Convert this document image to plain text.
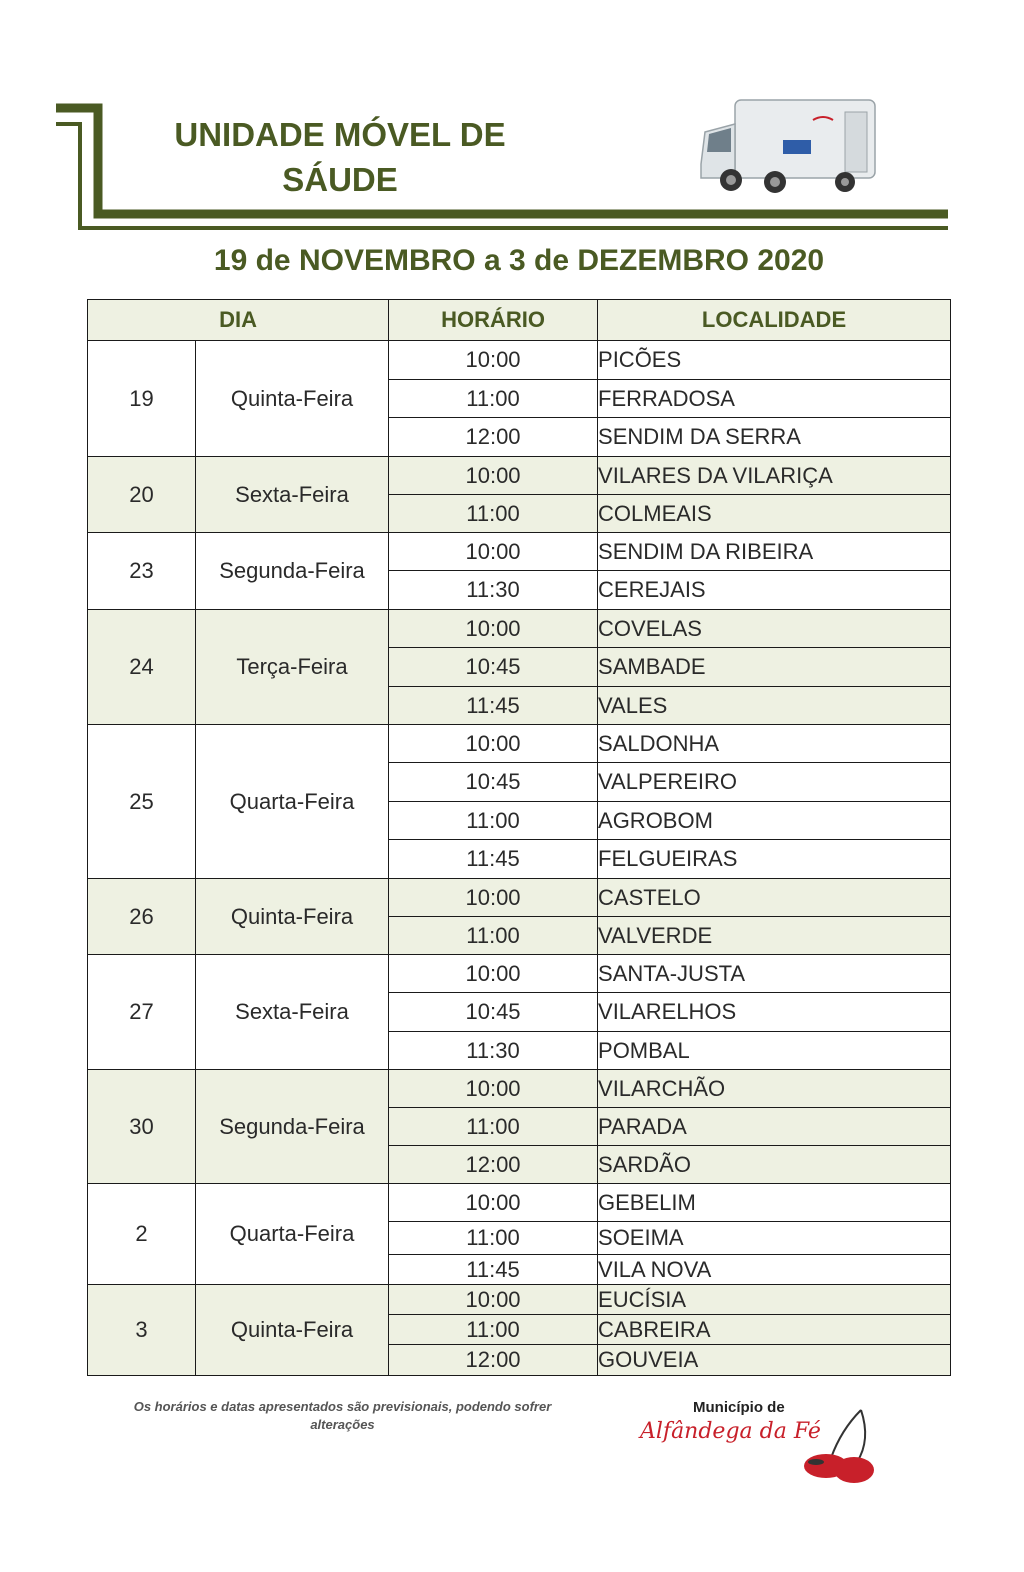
UNIDADE MÓVEL DE
SÁUDE
19 de NOVEMBRO a 3 de DEZEMBRO 2020
DIA		HORÁRIO	LOCALIDADE
19	Quinta-Feira	10:00	PICÕES
		11:00	FERRADOSA
		12:00	SENDIM DA SERRA
20	Sexta-Feira	10:00	VILARES DA VILARIÇA
		11:00	COLMEAIS
23	Segunda-Feira	10:00	SENDIM DA RIBEIRA
		11:30	CEREJAIS
24	Terça-Feira	10:00	COVELAS
		10:45	SAMBADE
		11:45	VALES
25	Quarta-Feira	10:00	SALDONHA
		10:45	VALPEREIRO
		11:00	AGROBOM
		11:45	FELGUEIRAS
26	Quinta-Feira	10:00	CASTELO
		11:00	VALVERDE
27	Sexta-Feira	10:00	SANTA-JUSTA
		10:45	VILARELHOS
		11:30	POMBAL
30	Segunda-Feira	10:00	VILARCHÃO
		11:00	PARADA
		12:00	SARDÃO
2	Quarta-Feira	10:00	GEBELIM
		11:00	SOEIMA
		11:45	VILA NOVA
3	Quinta-Feira	10:00	EUCÍSIA
		11:00	CABREIRA
		12:00	GOUVEIA
Os horários e datas apresentados são previsionais, podendo sofrer alterações	Alfândega da Fé
Município de
